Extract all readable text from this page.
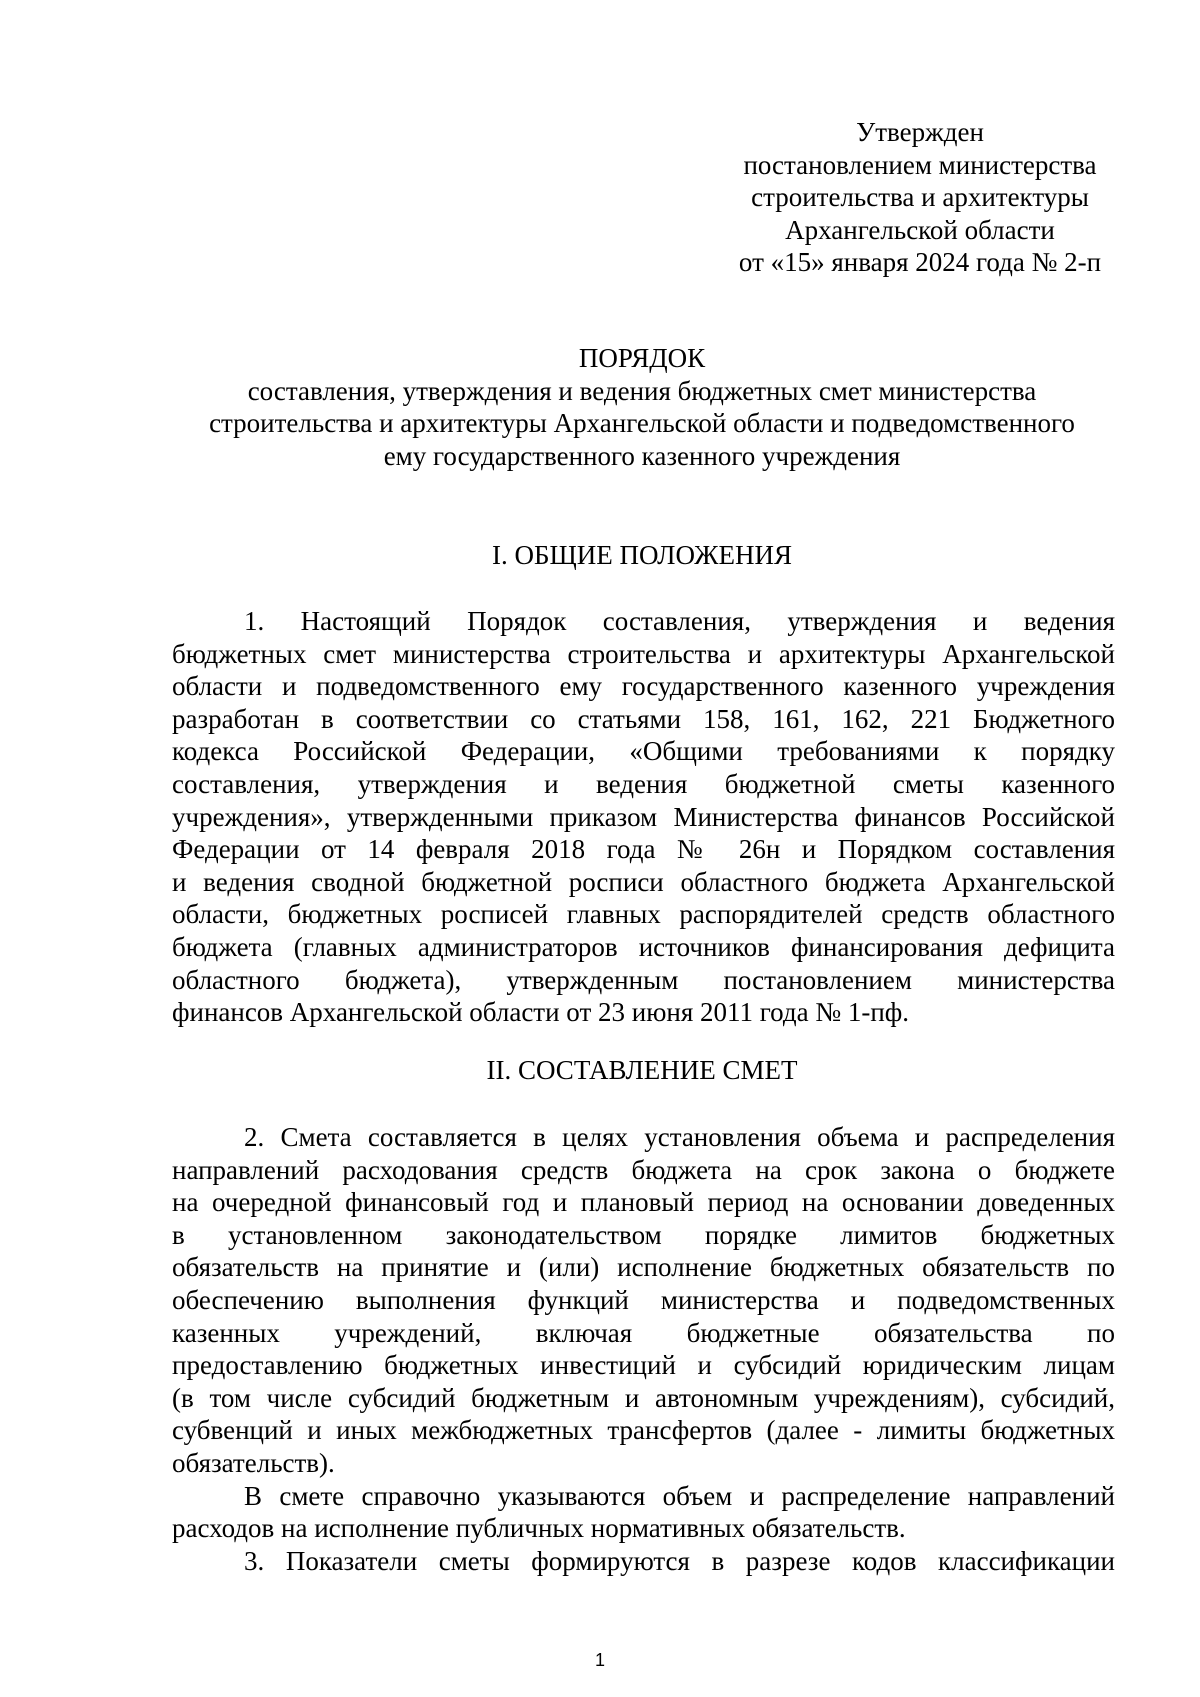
Утвержден
постановлением министерства
строительства и архитектуры
Архангельской области
от «15» января 2024 года № 2-п
ПОРЯДОК
составления, утверждения и ведения бюджетных смет министерства
строительства и архитектуры Архангельской области и подведомственного
ему государственного казенного учреждения
I. ОБЩИЕ ПОЛОЖЕНИЯ
1. Настоящий Порядок составления, утверждения и ведения
бюджетных смет министерства строительства и архитектуры Архангельской
области и подведомственного ему государственного казенного учреждения
разработан в соответствии со статьями 158, 161, 162, 221 Бюджетного
кодекса Российской Федерации, «Общими требованиями к порядку
составления, утверждения и ведения бюджетной сметы казенного
учреждения», утвержденными приказом Министерства финансов Российской
Федерации от 14 февраля 2018 года № 26н и Порядком составления
и ведения сводной бюджетной росписи областного бюджета Архангельской
области, бюджетных росписей главных распорядителей средств областного
бюджета (главных администраторов источников финансирования дефицита
областного бюджета), утвержденным постановлением министерства
финансов Архангельской области от 23 июня 2011 года № 1-пф.
II. СОСТАВЛЕНИЕ СМЕТ
2. Смета составляется в целях установления объема и распределения
направлений расходования средств бюджета на срок закона о бюджете
на очередной финансовый год и плановый период на основании доведенных
в установленном законодательством порядке лимитов бюджетных
обязательств на принятие и (или) исполнение бюджетных обязательств по
обеспечению выполнения функций министерства и подведомственных
казенных учреждений, включая бюджетные обязательства по
предоставлению бюджетных инвестиций и субсидий юридическим лицам
(в том числе субсидий бюджетным и автономным учреждениям), субсидий,
субвенций и иных межбюджетных трансфертов (далее - лимиты бюджетных
обязательств).
В смете справочно указываются объем и распределение направлений
расходов на исполнение публичных нормативных обязательств.
3. Показатели сметы формируются в разрезе кодов классификации
1
